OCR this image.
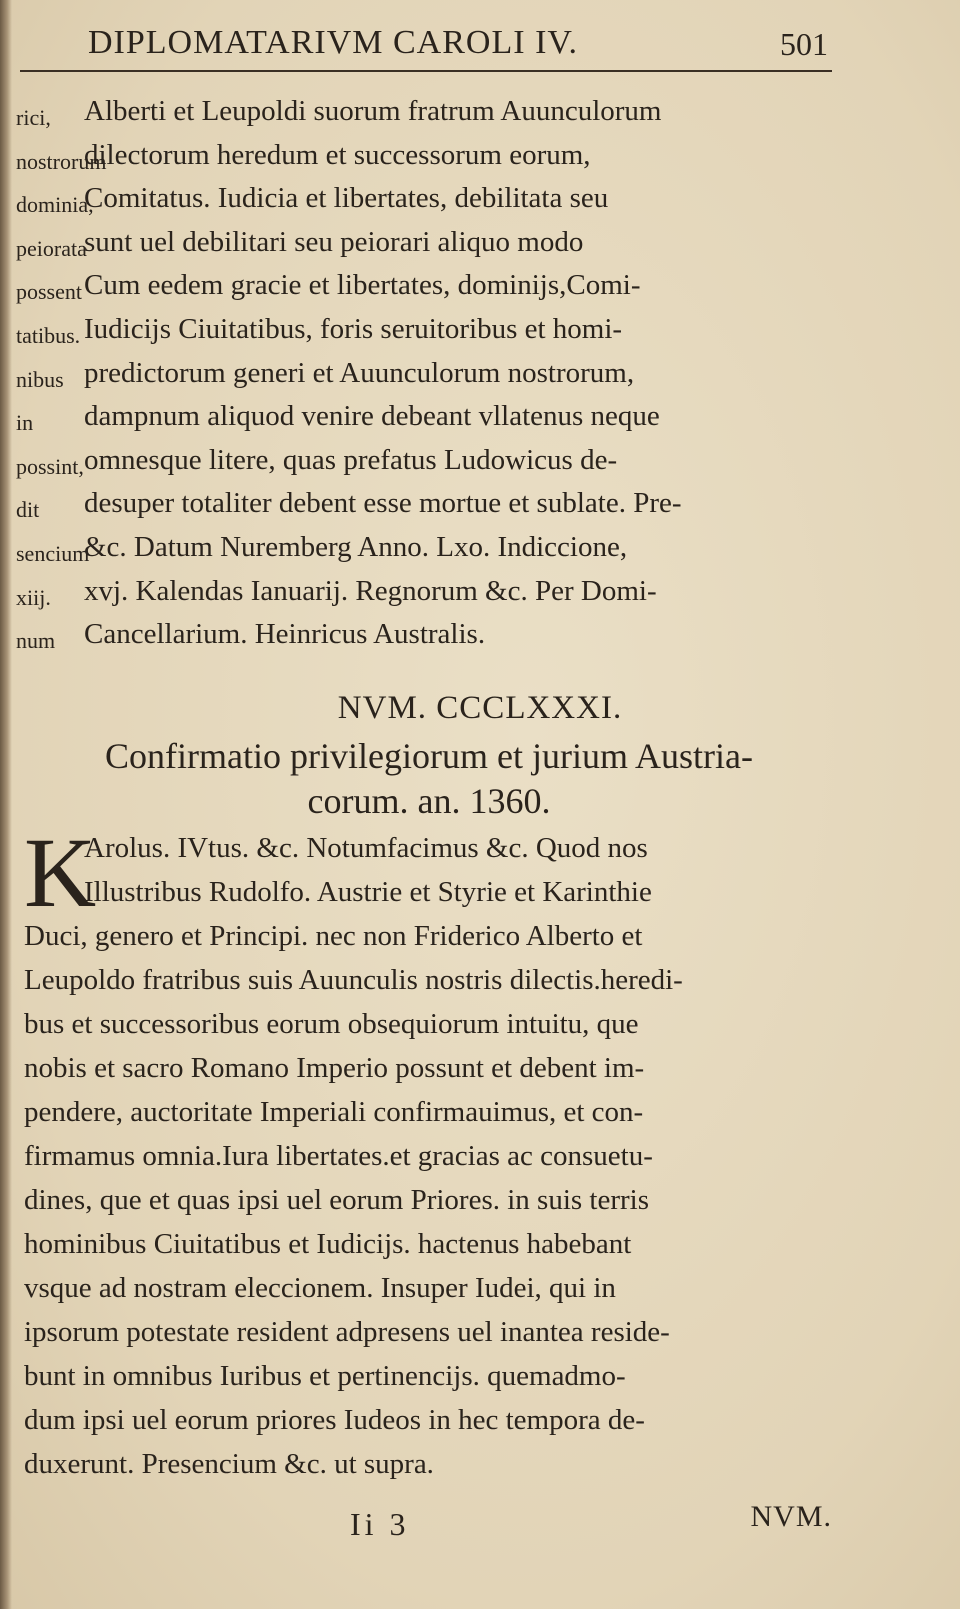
DIPLOMATARIVM CAROLI IV.	501
rici,
nostrorum
dominia,
peiorata
possent
tatibus.
nibus
in
possint,
dit
sencium
xiij.
num
Alberti et Leupoldi suorum fratrum Auunculorum
dilectorum heredum et successorum eorum,
Comitatus. Iudicia et libertates, debilitata seu
sunt uel debilitari seu peiorari aliquo modo
Cum eedem gracie et libertates, dominijs,Comi-
Iudicijs Ciuitatibus, foris seruitoribus et homi-
predictorum generi et Auunculorum nostrorum,
dampnum aliquod venire debeant vllatenus neque
omnesque litere, quas prefatus Ludowicus de-
desuper totaliter debent esse mortue et sublate. Pre-
&c. Datum Nuremberg Anno. Lxo. Indiccione,
xvj. Kalendas Ianuarij. Regnorum &c. Per Domi-
Cancellarium. Heinricus Australis.
NVM. CCCLXXXI.
Confirmatio privilegiorum et jurium Austria-
corum. an. 1360.
K
Arolus. IVtus. &c. Notumfacimus &c. Quod nos
Illustribus Rudolfo. Austrie et Styrie et Karinthie
Duci, genero et Principi. nec non Friderico Alberto et
Leupoldo fratribus suis Auunculis nostris dilectis.heredi-
bus et successoribus eorum obsequiorum intuitu, que
nobis et sacro Romano Imperio possunt et debent im-
pendere, auctoritate Imperiali confirmauimus, et con-
firmamus omnia.Iura libertates.et gracias ac consuetu-
dines, que et quas ipsi uel eorum Priores. in suis terris
hominibus Ciuitatibus et Iudicijs. hactenus habebant
vsque ad nostram eleccionem. Insuper Iudei, qui in
ipsorum potestate resident adpresens uel inantea reside-
bunt in omnibus Iuribus et pertinencijs. quemadmo-
dum ipsi uel eorum priores Iudeos in hec tempora de-
duxerunt. Presencium &c. ut supra.
Ii 3	NVM.
